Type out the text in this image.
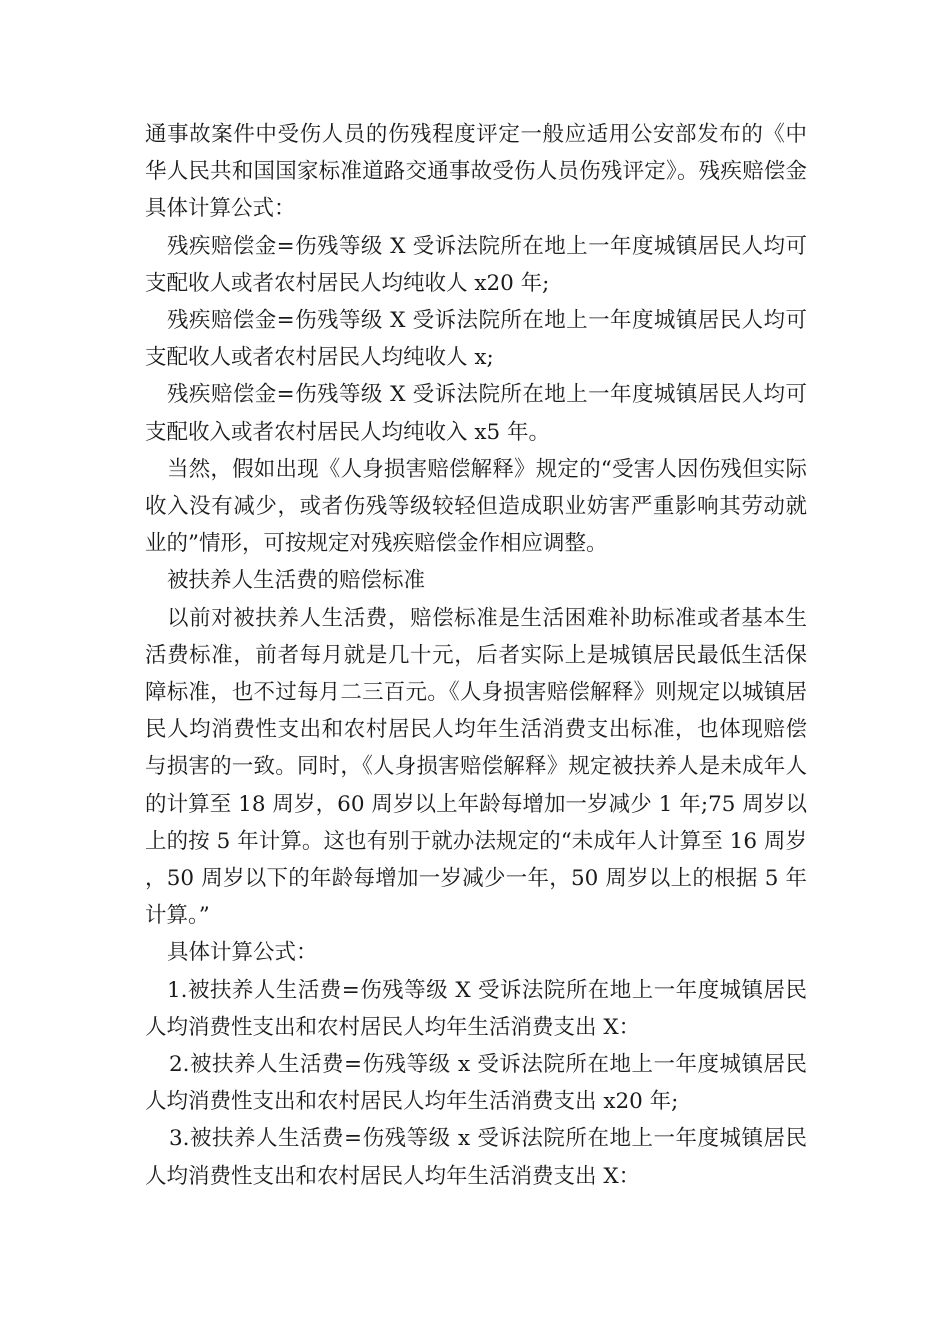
通事故案件中受伤人员的伤残程度评定一般应适用公安部发布的《中华人民共和国国家标准道路交通事故受伤人员伤残评定》。残疾赔偿金具体计算公式：

残疾赔偿金=伤残等级 X 受诉法院所在地上一年度城镇居民人均可支配收人或者农村居民人均纯收人 x20 年;

残疾赔偿金=伤残等级 X 受诉法院所在地上一年度城镇居民人均可支配收人或者农村居民人均纯收人 x;

残疾赔偿金=伤残等级 X 受诉法院所在地上一年度城镇居民人均可支配收入或者农村居民人均纯收入 x5 年。

当然，假如出现《人身损害赔偿解释》规定的“受害人因伤残但实际收入没有减少，或者伤残等级较轻但造成职业妨害严重影响其劳动就业的”情形，可按规定对残疾赔偿金作相应调整。

被扶养人生活费的赔偿标准

以前对被扶养人生活费，赔偿标准是生活困难补助标准或者基本生活费标准，前者每月就是几十元，后者实际上是城镇居民最低生活保障标准，也不过每月二三百元。《人身损害赔偿解释》则规定以城镇居民人均消费性支出和农村居民人均年生活消费支出标准，也体现赔偿与损害的一致。同时，《人身损害赔偿解释》规定被扶养人是未成年人的计算至 18 周岁，60 周岁以上年龄每增加一岁减少 1 年;75 周岁以上的按 5 年计算。这也有别于就办法规定的“未成年人计算至 16 周岁，50 周岁以下的年龄每增加一岁减少一年，50 周岁以上的根据 5 年计算。”

具体计算公式：

1.被扶养人生活费=伤残等级 X 受诉法院所在地上一年度城镇居民人均消费性支出和农村居民人均年生活消费支出 X：

2.被扶养人生活费=伤残等级 x 受诉法院所在地上一年度城镇居民人均消费性支出和农村居民人均年生活消费支出 x20 年;

3.被扶养人生活费=伤残等级 x 受诉法院所在地上一年度城镇居民人均消费性支出和农村居民人均年生活消费支出 X：
